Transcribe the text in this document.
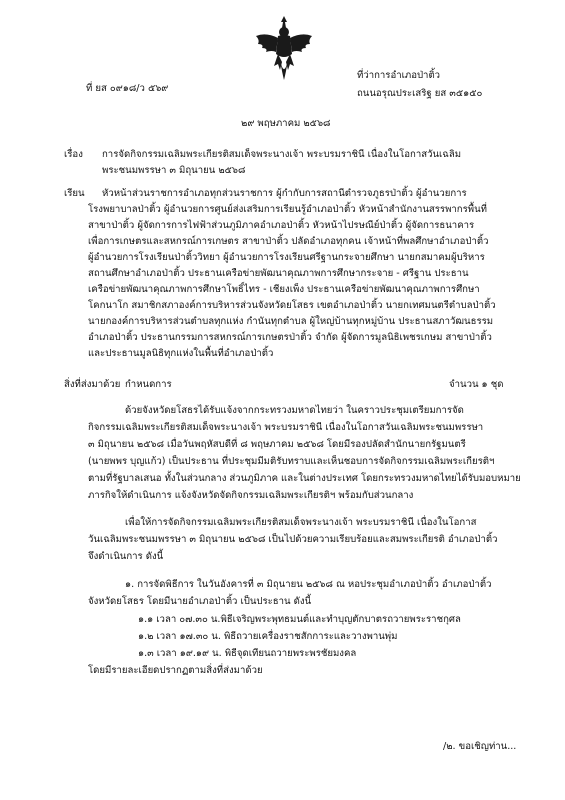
ที่ ยส ๐๙๑๘/ว ๕๖๙
ที่ว่าการอำเภอป่าติ้ว
ถนนอรุณประเสริฐ ยส ๓๕๑๕๐
๒๙ พฤษภาคม ๒๕๖๘
เรื่อง การจัดกิจกรรมเฉลิมพระเกียรติสมเด็จพระนางเจ้า พระบรมราชินี เนื่องในโอกาสวันเฉลิม
พระชนมพรรษา ๓ มิถุนายน ๒๕๖๘
เรียน หัวหน้าส่วนราชการอำเภอทุกส่วนราชการ ผู้กำกับการสถานีตำรวจภูธรป่าติ้ว ผู้อำนวยการ
โรงพยาบาลป่าติ้ว ผู้อำนวยการศูนย์ส่งเสริมการเรียนรู้อำเภอป่าติ้ว หัวหน้าสำนักงานสรรพากรพื้นที่
สาขาป่าติ้ว ผู้จัดการการไฟฟ้าส่วนภูมิภาคอำเภอป่าติ้ว หัวหน้าไปรษณีย์ป่าติ้ว ผู้จัดการธนาคาร
เพื่อการเกษตรและสหกรณ์การเกษตร สาขาป่าติ้ว ปลัดอำเภอทุกคน เจ้าหน้าที่พลศึกษาอำเภอป่าติ้ว
ผู้อำนวยการโรงเรียนป่าติ้ววิทยา ผู้อำนวยการโรงเรียนศรีฐานกระจายศึกษา นายกสมาคมผู้บริหาร
สถานศึกษาอำเภอป่าติ้ว ประธานเครือข่ายพัฒนาคุณภาพการศึกษากระจาย - ศรีฐาน ประธาน
เครือข่ายพัฒนาคุณภาพการศึกษาโพธิ์ไทร - เชียงเพ็ง ประธานเครือข่ายพัฒนาคุณภาพการศึกษา
โคกนาโก สมาชิกสภาองค์การบริหารส่วนจังหวัดยโสธร เขตอำเภอป่าติ้ว นายกเทศมนตรีตำบลป่าติ้ว
นายกองค์การบริหารส่วนตำบลทุกแห่ง กำนันทุกตำบล ผู้ใหญ่บ้านทุกหมู่บ้าน ประธานสภาวัฒนธรรม
อำเภอป่าติ้ว ประธานกรรมการสหกรณ์การเกษตรป่าติ้ว จำกัด ผู้จัดการมูลนิธิเพชรเกษม สาขาป่าติ้ว
และประธานมูลนิธิทุกแห่งในพื้นที่อำเภอป่าติ้ว
สิ่งที่ส่งมาด้วย กำหนดการ	จำนวน ๑ ชุด
ด้วยจังหวัดยโสธรได้รับแจ้งจากกระทรวงมหาดไทยว่า ในคราวประชุมเตรียมการจัด
กิจกรรมเฉลิมพระเกียรติสมเด็จพระนางเจ้า พระบรมราชินี เนื่องในโอกาสวันเฉลิมพระชนมพรรษา
๓ มิถุนายน ๒๕๖๘ เมื่อวันพฤหัสบดีที่ ๘ พฤษภาคม ๒๕๖๘ โดยมีรองปลัดสำนักนายกรัฐมนตรี
(นายพพร บุญแก้ว) เป็นประธาน ที่ประชุมมีมติรับทราบและเห็นชอบการจัดกิจกรรมเฉลิมพระเกียรติฯ
ตามที่รัฐบาลเสนอ ทั้งในส่วนกลาง ส่วนภูมิภาค และในต่างประเทศ โดยกระทรวงมหาดไทยได้รับมอบหมาย
ภารกิจให้ดำเนินการ แจ้งจังหวัดจัดกิจกรรมเฉลิมพระเกียรติฯ พร้อมกับส่วนกลาง
เพื่อให้การจัดกิจกรรมเฉลิมพระเกียรติสมเด็จพระนางเจ้า พระบรมราชินี เนื่องในโอกาส
วันเฉลิมพระชนมพรรษา ๓ มิถุนายน ๒๕๖๘ เป็นไปด้วยความเรียบร้อยและสมพระเกียรติ อำเภอป่าติ้ว
จึงดำเนินการ ดังนี้
๑. การจัดพิธีการ ในวันอังคารที่ ๓ มิถุนายน ๒๕๖๘ ณ หอประชุมอำเภอป่าติ้ว อำเภอป่าติ้ว
จังหวัดยโสธร โดยมีนายอำเภอป่าติ้ว เป็นประธาน ดังนี้
๑.๑ เวลา ๐๗.๓๐ น.พิธีเจริญพระพุทธมนต์และทำบุญตักบาตรถวายพระราชกุศล
๑.๒ เวลา ๑๗.๓๐ น. พิธีถวายเครื่องราชสักการะและวางพานพุ่ม
๑.๓ เวลา ๑๙.๑๙ น. พิธีจุดเทียนถวายพระพรชัยมงคล
โดยมีรายละเอียดปรากฏตามสิ่งที่ส่งมาด้วย
/๒. ขอเชิญท่าน...
